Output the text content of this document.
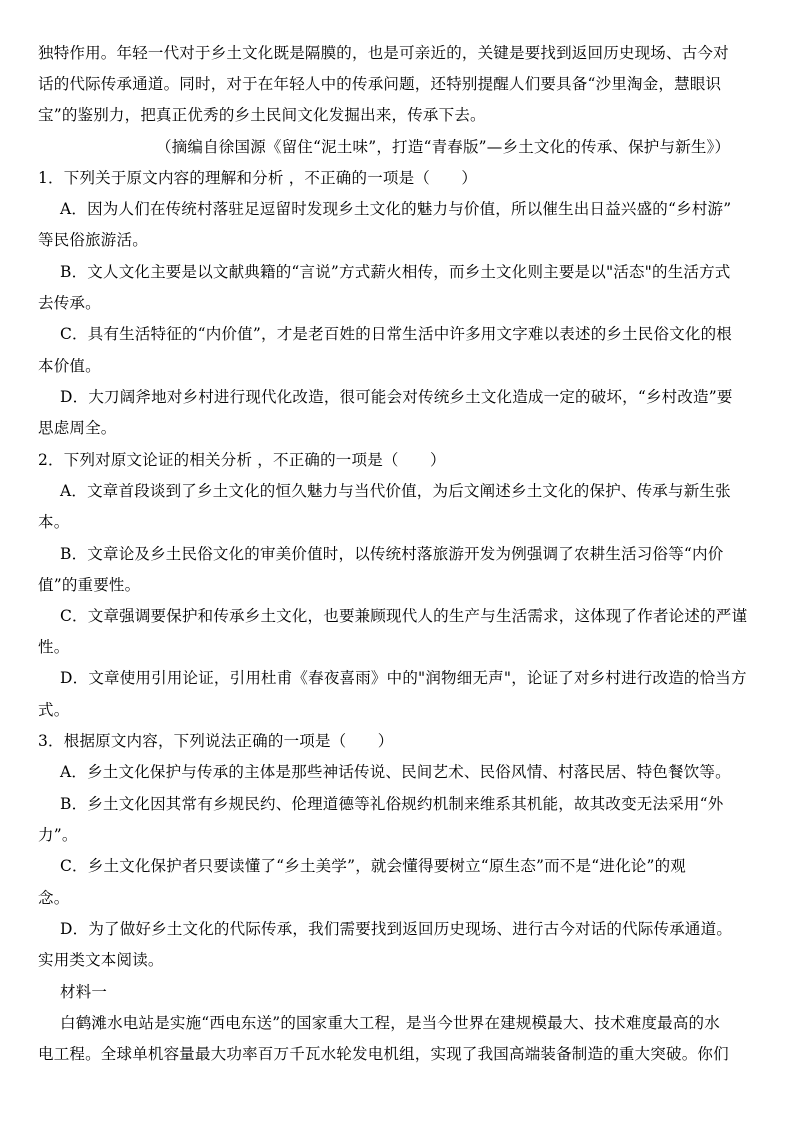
独特作用。年轻一代对于乡土文化既是隔膜的，也是可亲近的，关键是要找到返回历史现场、古今对
话的代际传承通道。同时，对于在年轻人中的传承问题，还特别提醒人们要具备“沙里淘金，慧眼识
宝”的鉴别力，把真正优秀的乡土民间文化发掘出来，传承下去。
（摘编自徐国源《留住“泥土味”，打造“青春版”—乡土文化的传承、保护与新生》）
1．下列关于原文内容的理解和分析 ，不正确的一项是（　　）
A．因为人们在传统村落驻足逗留时发现乡土文化的魅力与价值，所以催生出日益兴盛的“乡村游”
等民俗旅游活。
B．文人文化主要是以文献典籍的“言说”方式薪火相传，而乡土文化则主要是以"活态"的生活方式
去传承。
C．具有生活特征的“内价值”，才是老百姓的日常生活中许多用文字难以表述的乡土民俗文化的根
本价值。
D．大刀阔斧地对乡村进行现代化改造，很可能会对传统乡土文化造成一定的破坏，“乡村改造”要
思虑周全。
2．下列对原文论证的相关分析 ，不正确的一项是（　　）
A．文章首段谈到了乡土文化的恒久魅力与当代价值，为后文阐述乡土文化的保护、传承与新生张
本。
B．文章论及乡土民俗文化的审美价值时，以传统村落旅游开发为例强调了农耕生活习俗等“内价
值”的重要性。
C．文章强调要保护和传承乡土文化，也要兼顾现代人的生产与生活需求，这体现了作者论述的严谨
性。
D．文章使用引用论证，引用杜甫《春夜喜雨》中的"润物细无声"，论证了对乡村进行改造的恰当方
式。
3．根据原文内容，下列说法正确的一项是（　　）
A．乡土文化保护与传承的主体是那些神话传说、民间艺术、民俗风情、村落民居、特色餐饮等。
B．乡土文化因其常有乡规民约、伦理道德等礼俗规约机制来维系其机能，故其改变无法采用“外
力”。
C．乡土文化保护者只要读懂了“乡土美学”，就会懂得要树立“原生态”而不是“进化论”的观
念。
D．为了做好乡土文化的代际传承，我们需要找到返回历史现场、进行古今对话的代际传承通道。
实用类文本阅读。
材料一
白鹤滩水电站是实施“西电东送”的国家重大工程，是当今世界在建规模最大、技术难度最高的水
电工程。全球单机容量最大功率百万千瓦水轮发电机组，实现了我国高端装备制造的重大突破。你们
